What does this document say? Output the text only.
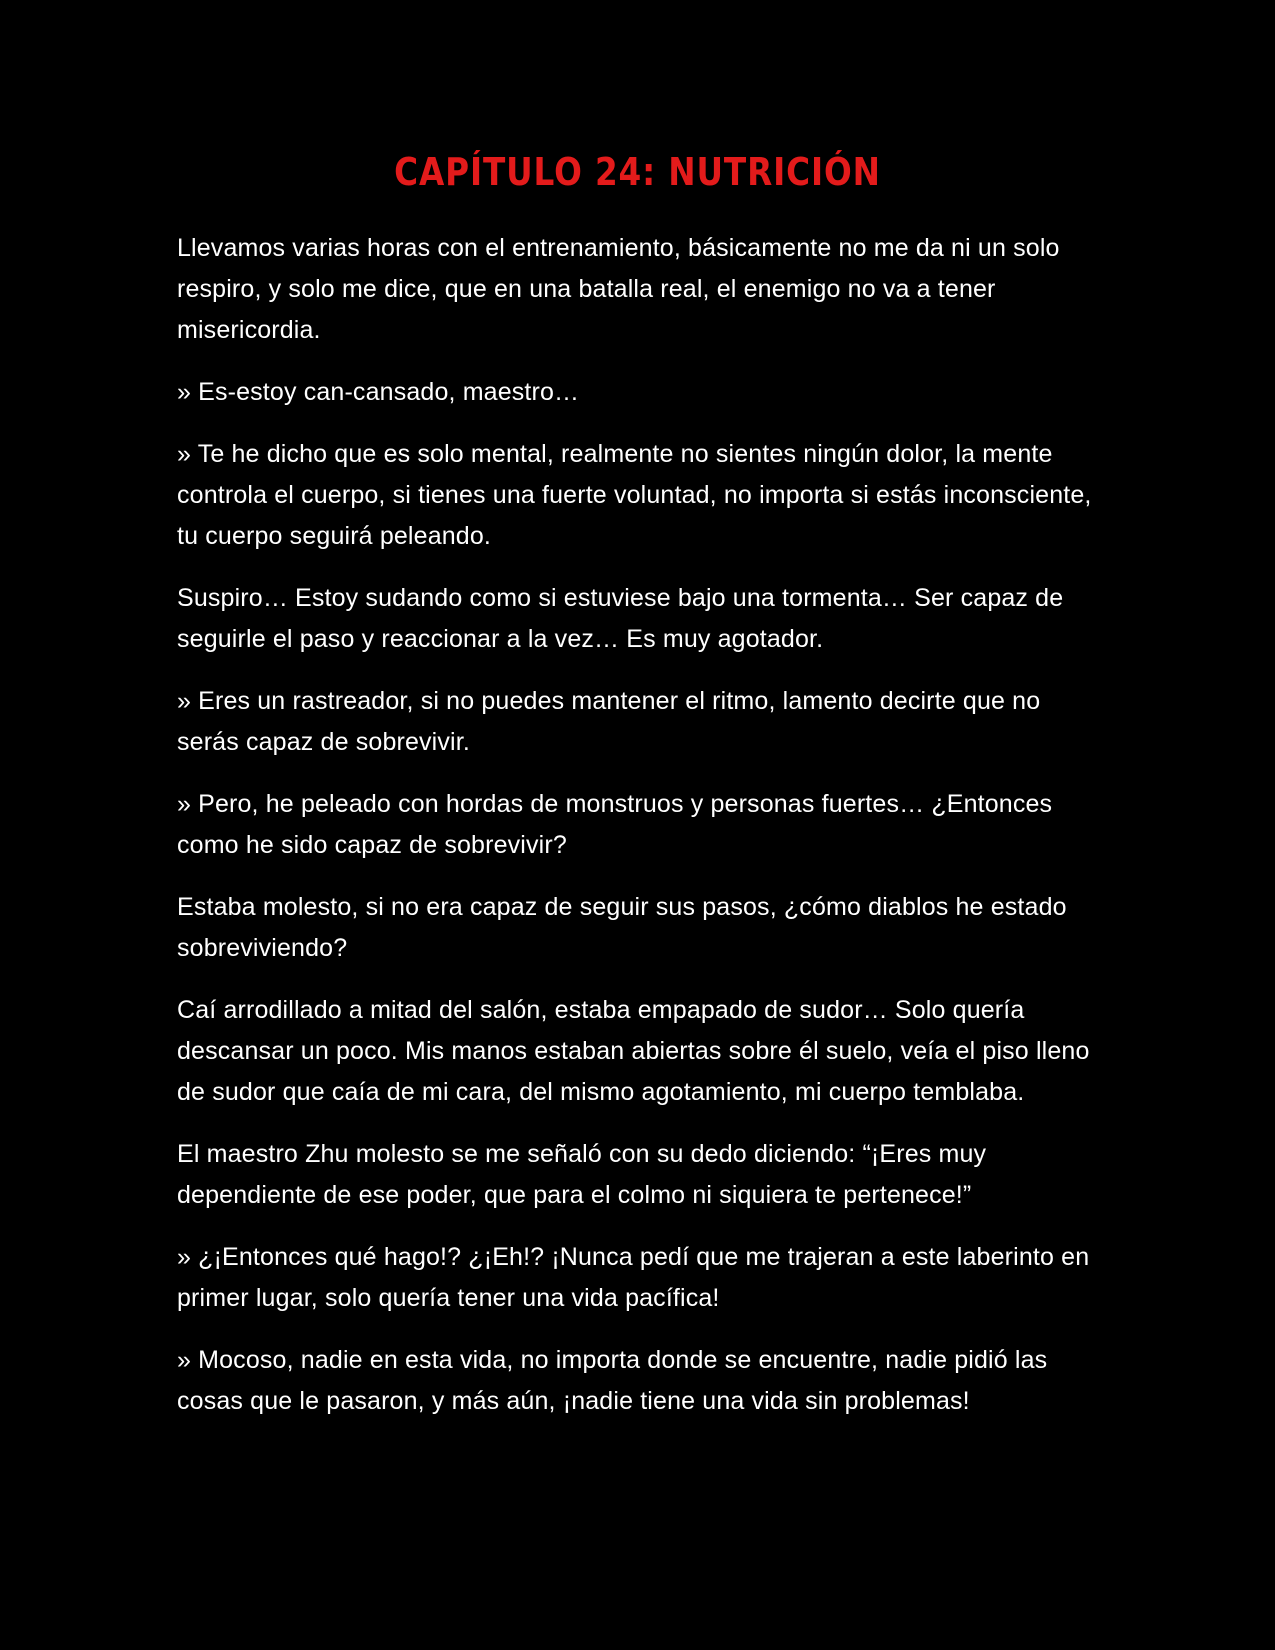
CAPÍTULO 24: NUTRICIÓN

Llevamos varias horas con el entrenamiento, básicamente no me da ni un solo respiro, y solo me dice, que en una batalla real, el enemigo no va a tener misericordia.

» Es-estoy can-cansado, maestro…

» Te he dicho que es solo mental, realmente no sientes ningún dolor, la mente controla el cuerpo, si tienes una fuerte voluntad, no importa si estás inconsciente, tu cuerpo seguirá peleando.

Suspiro… Estoy sudando como si estuviese bajo una tormenta… Ser capaz de seguirle el paso y reaccionar a la vez… Es muy agotador.

» Eres un rastreador, si no puedes mantener el ritmo, lamento decirte que no serás capaz de sobrevivir.

» Pero, he peleado con hordas de monstruos y personas fuertes… ¿Entonces como he sido capaz de sobrevivir?

Estaba molesto, si no era capaz de seguir sus pasos, ¿cómo diablos he estado sobreviviendo?

Caí arrodillado a mitad del salón, estaba empapado de sudor… Solo quería descansar un poco. Mis manos estaban abiertas sobre él suelo, veía el piso lleno de sudor que caía de mi cara, del mismo agotamiento, mi cuerpo temblaba.

El maestro Zhu molesto se me señaló con su dedo diciendo: “¡Eres muy dependiente de ese poder, que para el colmo ni siquiera te pertenece!”

» ¿¡Entonces qué hago!? ¿¡Eh!? ¡Nunca pedí que me trajeran a este laberinto en primer lugar, solo quería tener una vida pacífica!

» Mocoso, nadie en esta vida, no importa donde se encuentre, nadie pidió las cosas que le pasaron, y más aún, ¡nadie tiene una vida sin problemas!
